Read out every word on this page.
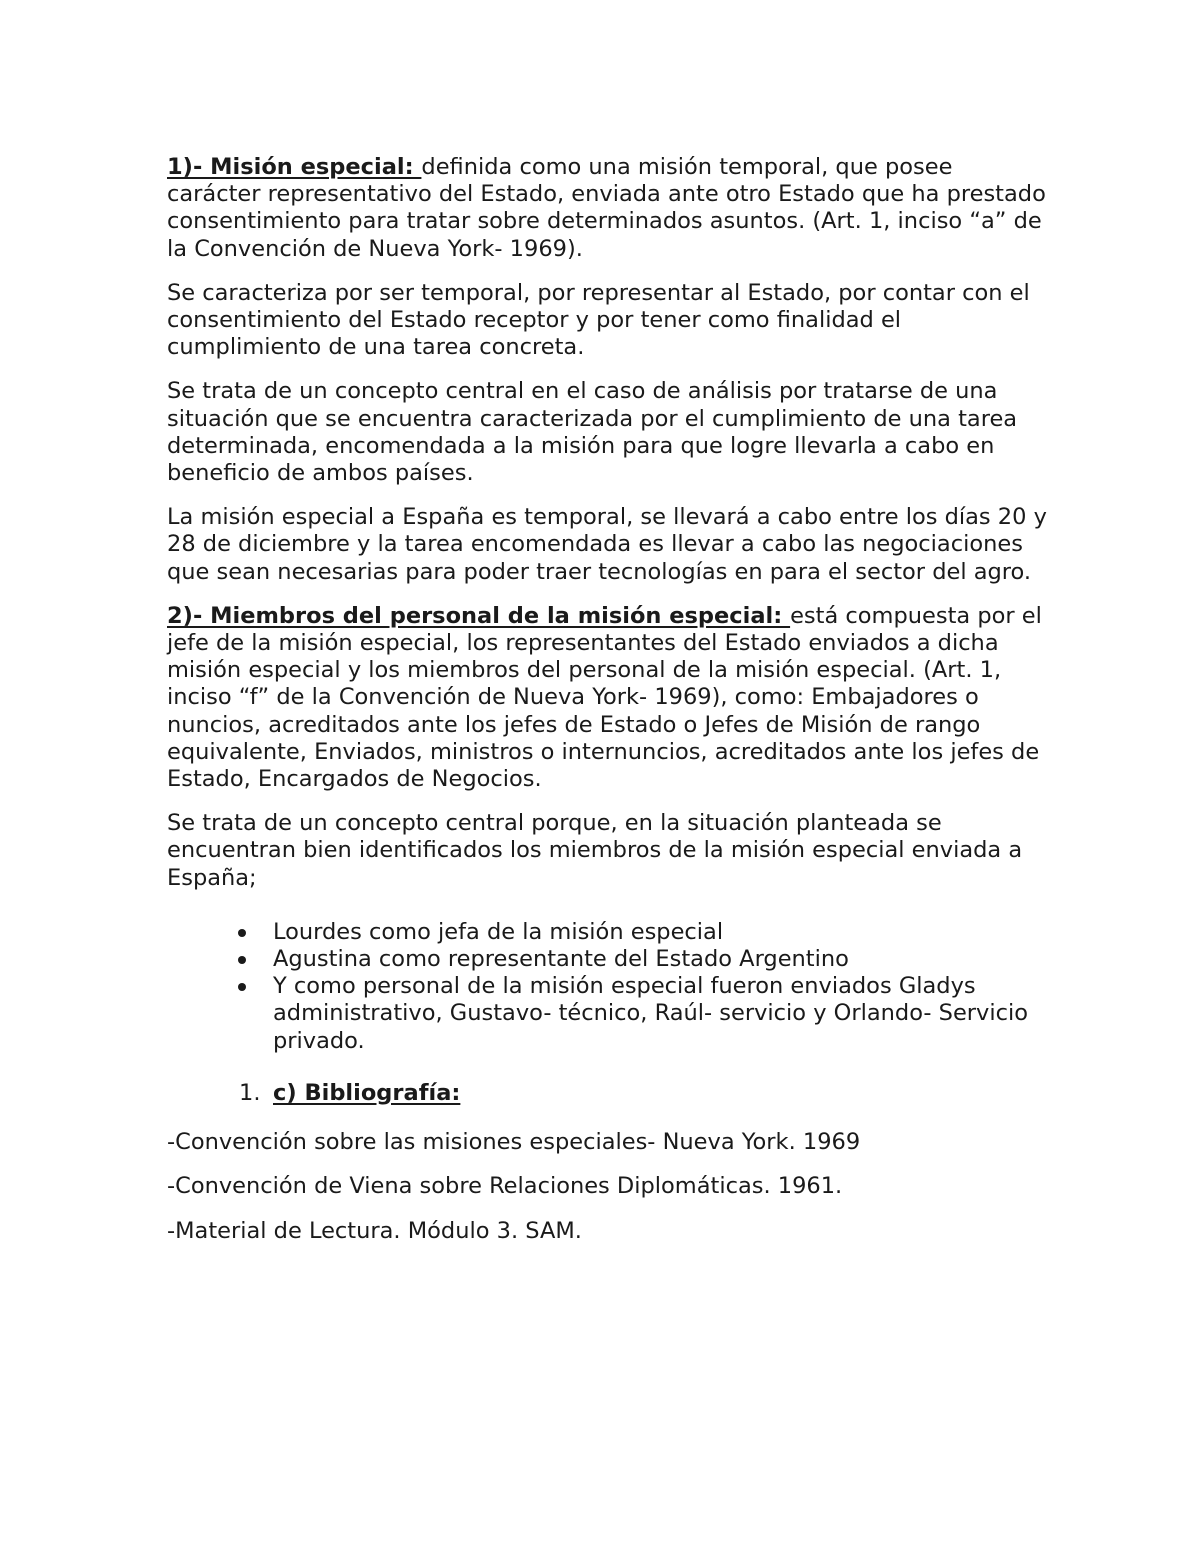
1)- Misión especial: definida como una misión temporal, que posee carácter representativo del Estado, enviada ante otro Estado que ha prestado consentimiento para tratar sobre determinados asuntos. (Art. 1, inciso “a” de la Convención de Nueva York- 1969).

Se caracteriza por ser temporal, por representar al Estado, por contar con el consentimiento del Estado receptor y por tener como finalidad el cumplimiento de una tarea concreta.

Se trata de un concepto central en el caso de análisis por tratarse de una situación que se encuentra caracterizada por el cumplimiento de una tarea determinada, encomendada a la misión para que logre llevarla a cabo en beneficio de ambos países.

La misión especial a España es temporal, se llevará a cabo entre los días 20 y 28 de diciembre y la tarea encomendada es llevar a cabo las negociaciones que sean necesarias para poder traer tecnologías en para el sector del agro.

2)- Miembros del personal de la misión especial: está compuesta por el jefe de la misión especial, los representantes del Estado enviados a dicha misión especial y los miembros del personal de la misión especial. (Art. 1, inciso “f” de la Convención de Nueva York- 1969), como: Embajadores o nuncios, acreditados ante los jefes de Estado o Jefes de Misión de rango equivalente, Enviados, ministros o internuncios, acreditados ante los jefes de Estado, Encargados de Negocios.

Se trata de un concepto central porque, en la situación planteada se encuentran bien identificados los miembros de la misión especial enviada a España;

Lourdes como jefa de la misión especial
Agustina como representante del Estado Argentino
Y como personal de la misión especial fueron enviados Gladys administrativo, Gustavo- técnico, Raúl- servicio y Orlando- Servicio privado.
1. c) Bibliografía:

-Convención sobre las misiones especiales- Nueva York. 1969

-Convención de Viena sobre Relaciones Diplomáticas. 1961.

-Material de Lectura. Módulo 3. SAM.
